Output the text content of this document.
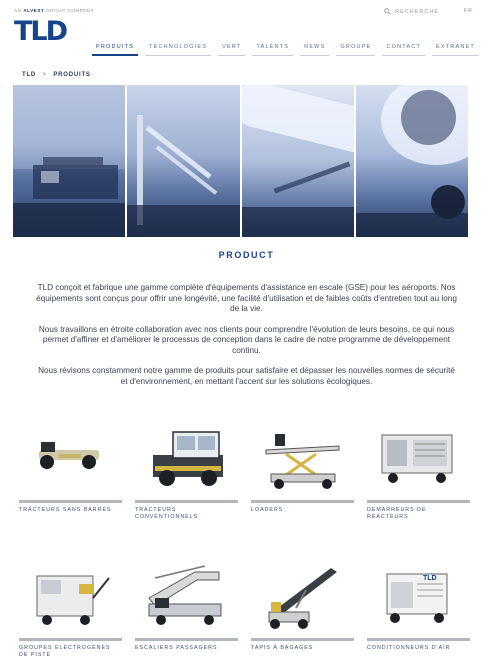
AN ALVEST GROUP COMPANY
TLD
RECHERCHE	FR
PRODUITS	TECHNOLOGIES	VERT	TALENTS	NEWS	GROUPE	CONTACT	EXTRANET
TLD > PRODUITS
PRODUCT

TLD conçoit et fabrique une gamme complète d'équipements d'assistance en escale (GSE) pour les aéroports. Nos équipements sont conçus pour offrir une longévité, une facilité d'utilisation et de faibles coûts d'entretien tout au long de la vie.

Nous travaillons en étroite collaboration avec nos clients pour comprendre l'évolution de leurs besoins, ce qui nous permet d'affiner et d'améliorer le processus de conception dans le cadre de notre programme de développement continu.

Nous révisons constamment notre gamme de produits pour satisfaire et dépasser les nouvelles normes de sécurité et d'environnement, en mettant l'accent sur les solutions écologiques.

TRACTEURS SANS BARRES	TRACTEURS CONVENTIONNELS
LOADERS	DÉMARREURS DE RÉACTEURS
GROUPES ÉLECTROGÈNES DE PISTE
ESCALIERS PASSAGERS	TAPIS À BAGAGES
TLD
CONDITIONNEURS D'AIR
